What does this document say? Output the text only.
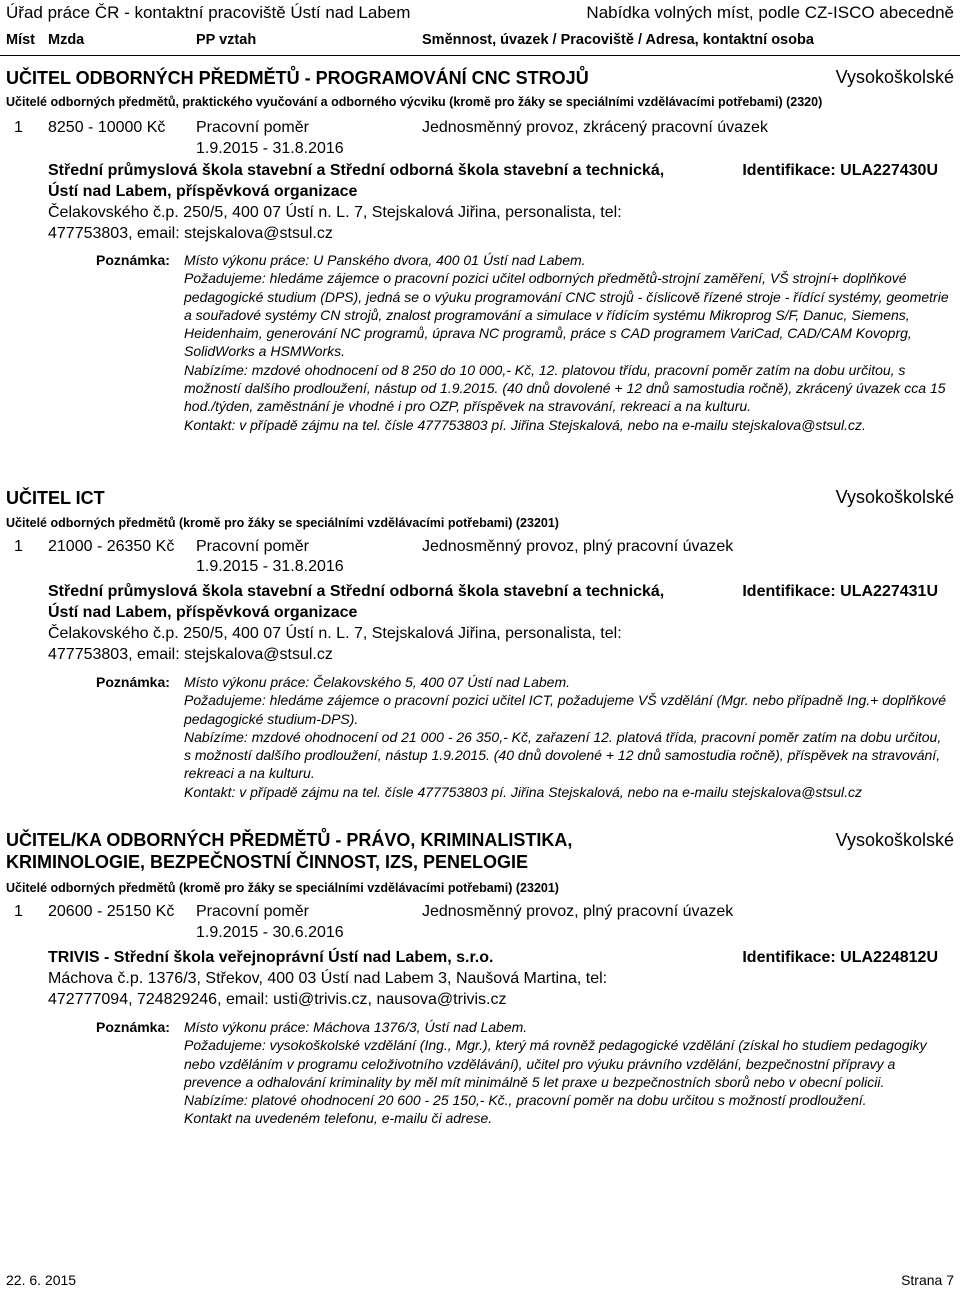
Úřad práce ČR - kontaktní pracoviště Ústí nad Labem	Nabídka volných míst, podle CZ-ISCO abecedně
Míst Mzda	PP vztah	Směnnost, úvazek / Pracoviště / Adresa, kontaktní osoba
UČITEL ODBORNÝCH PŘEDMĚTŮ - PROGRAMOVÁNÍ CNC STROJŮ	Vysokoškolské
Učitelé odborných předmětů, praktického vyučování a odborného výcviku (kromě pro žáky se speciálními vzdělávacími potřebami) (2320)
1 8250 - 10000 Kč Pracovní poměr	Jednosměnný provoz, zkrácený pracovní úvazek
1.9.2015 - 31.8.2016
Střední průmyslová škola stavební a Střední odborná škola stavební a technická, Ústí nad Labem, příspěvková organizace
Čelakovského č.p. 250/5, 400 07 Ústí n. L. 7, Stejskalová Jiřina, personalista, tel: 477753803, email: stejskalova@stsul.cz
Identifikace: ULA227430U
Poznámka: Místo výkonu práce: U Panského dvora, 400 01 Ústí nad Labem.
Požadujeme: hledáme zájemce o pracovní pozici učitel odborných předmětů-strojní zaměření, VŠ strojní+ doplňkové pedagogické studium (DPS), jedná se o výuku programování CNC strojů - číslicově řízené stroje - řídící systémy, geometrie a souřadové systémy CN strojů, znalost programování a simulace v řídícím systému Mikroprog S/F, Danuc, Siemens, Heidenhaim, generování NC programů, úprava NC programů, práce s CAD programem VariCad, CAD/CAM Kovoprg, SolidWorks a HSMWorks.
Nabízíme: mzdové ohodnocení od 8 250 do 10 000,- Kč, 12. platovou třídu, pracovní poměr zatím na dobu určitou, s možností dalšího prodloužení, nástup od 1.9.2015. (40 dnů dovolené + 12 dnů samostudia ročně), zkrácený úvazek cca 15 hod./týden, zaměstnání je vhodné i pro OZP, příspěvek na stravování, rekreaci a na kulturu.
Kontakt: v případě zájmu na tel. čísle 477753803 pí. Jiřina Stejskalová, nebo na e-mailu stejskalova@stsul.cz.
UČITEL ICT	Vysokoškolské
Učitelé odborných předmětů (kromě pro žáky se speciálními vzdělávacími potřebami) (23201)
1 21000 - 26350 Kč Pracovní poměr	Jednosměnný provoz, plný pracovní úvazek
1.9.2015 - 31.8.2016
Střední průmyslová škola stavební a Střední odborná škola stavební a technická, Ústí nad Labem, příspěvková organizace
Čelakovského č.p. 250/5, 400 07 Ústí n. L. 7, Stejskalová Jiřina, personalista, tel: 477753803, email: stejskalova@stsul.cz
Identifikace: ULA227431U
Poznámka: Místo výkonu práce: Čelakovského 5, 400 07 Ústí nad Labem.
Požadujeme: hledáme zájemce o pracovní pozici učitel ICT, požadujeme VŠ vzdělání (Mgr. nebo případně Ing.+ doplňkové pedagogické studium-DPS).
Nabízíme: mzdové ohodnocení od 21 000 - 26 350,- Kč, zařazení 12. platová třída, pracovní poměr zatím na dobu určitou, s možností dalšího prodloužení, nástup 1.9.2015. (40 dnů dovolené + 12 dnů samostudia ročně), příspěvek na stravování, rekreaci a na kulturu.
Kontakt: v případě zájmu na tel. čísle 477753803 pí. Jiřina Stejskalová, nebo na e-mailu stejskalova@stsul.cz
UČITEL/KA ODBORNÝCH PŘEDMĚTŮ - PRÁVO, KRIMINALISTIKA, KRIMINOLOGIE, BEZPEČNOSTNÍ ČINNOST, IZS, PENELOGIE
Vysokoškolské
Učitelé odborných předmětů (kromě pro žáky se speciálními vzdělávacími potřebami) (23201)
1 20600 - 25150 Kč Pracovní poměr	Jednosměnný provoz, plný pracovní úvazek
1.9.2015 - 30.6.2016
TRIVIS - Střední škola veřejnoprávní Ústí nad Labem, s.r.o.
Máchova č.p. 1376/3, Střekov, 400 03 Ústí nad Labem 3, Naušová Martina, tel: 472777094, 724829246, email: usti@trivis.cz, nausova@trivis.cz
Identifikace: ULA224812U
Poznámka: Místo výkonu práce: Máchova 1376/3, Ústí nad Labem.
Požadujeme: vysokoškolské vzdělání (Ing., Mgr.), který má rovněž pedagogické vzdělání (získal ho studiem pedagogiky nebo vzděláním v programu celoživotního vzdělávání), učitel pro výuku právního vzdělání, bezpečnostní přípravy a prevence a odhalování kriminality by měl mít minimálně 5 let praxe u bezpečnostních sborů nebo v obecní policii.
Nabízíme: platové ohodnocení 20 600 - 25 150,- Kč., pracovní poměr na dobu určitou s možností prodloužení.
Kontakt na uvedeném telefonu, e-mailu či adrese.
22. 6. 2015	Strana 7
